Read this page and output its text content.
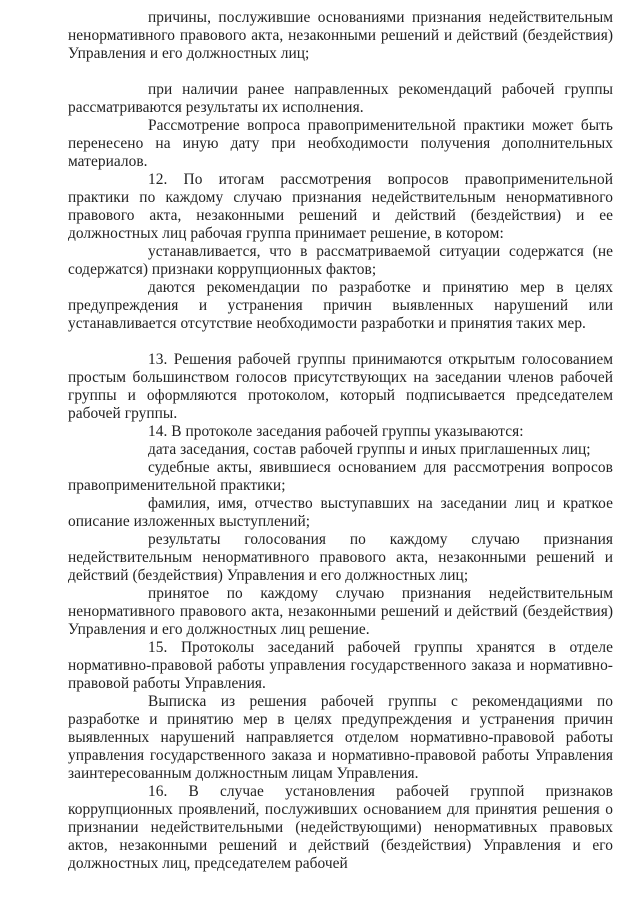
причины, послужившие основаниями признания недействительным ненормативного правового акта, незаконными решений и действий (бездействия) Управления и его должностных лиц;

при наличии ранее направленных рекомендаций рабочей группы рассматриваются результаты их исполнения.

Рассмотрение вопроса правоприменительной практики может быть перенесено на иную дату при необходимости получения дополнительных материалов.

12. По итогам рассмотрения вопросов правоприменительной практики по каждому случаю признания недействительным ненормативного правового акта, незаконными решений и действий (бездействия) и ее должностных лиц рабочая группа принимает решение, в котором:

устанавливается, что в рассматриваемой ситуации содержатся (не содержатся) признаки коррупционных фактов;

даются рекомендации по разработке и принятию мер в целях предупреждения и устранения причин выявленных нарушений или устанавливается отсутствие необходимости разработки и принятия таких мер.

13. Решения рабочей группы принимаются открытым голосованием простым большинством голосов присутствующих на заседании членов рабочей группы и оформляются протоколом, который подписывается председателем рабочей группы.

14. В протоколе заседания рабочей группы указываются:

дата заседания, состав рабочей группы и иных приглашенных лиц;

судебные акты, явившиеся основанием для рассмотрения вопросов правоприменительной практики;

фамилия, имя, отчество выступавших на заседании лиц и краткое описание изложенных выступлений;

результаты голосования по каждому случаю признания недействительным ненормативного правового акта, незаконными решений и действий (бездействия) Управления и его должностных лиц;

принятое по каждому случаю признания недействительным ненормативного правового акта, незаконными решений и действий (бездействия) Управления и его должностных лиц решение.

15. Протоколы заседаний рабочей группы хранятся в отделе нормативно-правовой работы управления государственного заказа и нормативно-правовой работы Управления.

Выписка из решения рабочей группы с рекомендациями по разработке и принятию мер в целях предупреждения и устранения причин выявленных нарушений направляется отделом нормативно-правовой работы управления государственного заказа и нормативно-правовой работы Управления заинтересованным должностным лицам Управления.

16. В случае установления рабочей группой признаков коррупционных проявлений, послуживших основанием для принятия решения о признании недействительными (недействующими) ненормативных правовых актов, незаконными решений и действий (бездействия) Управления и его должностных лиц, председателем рабочей
